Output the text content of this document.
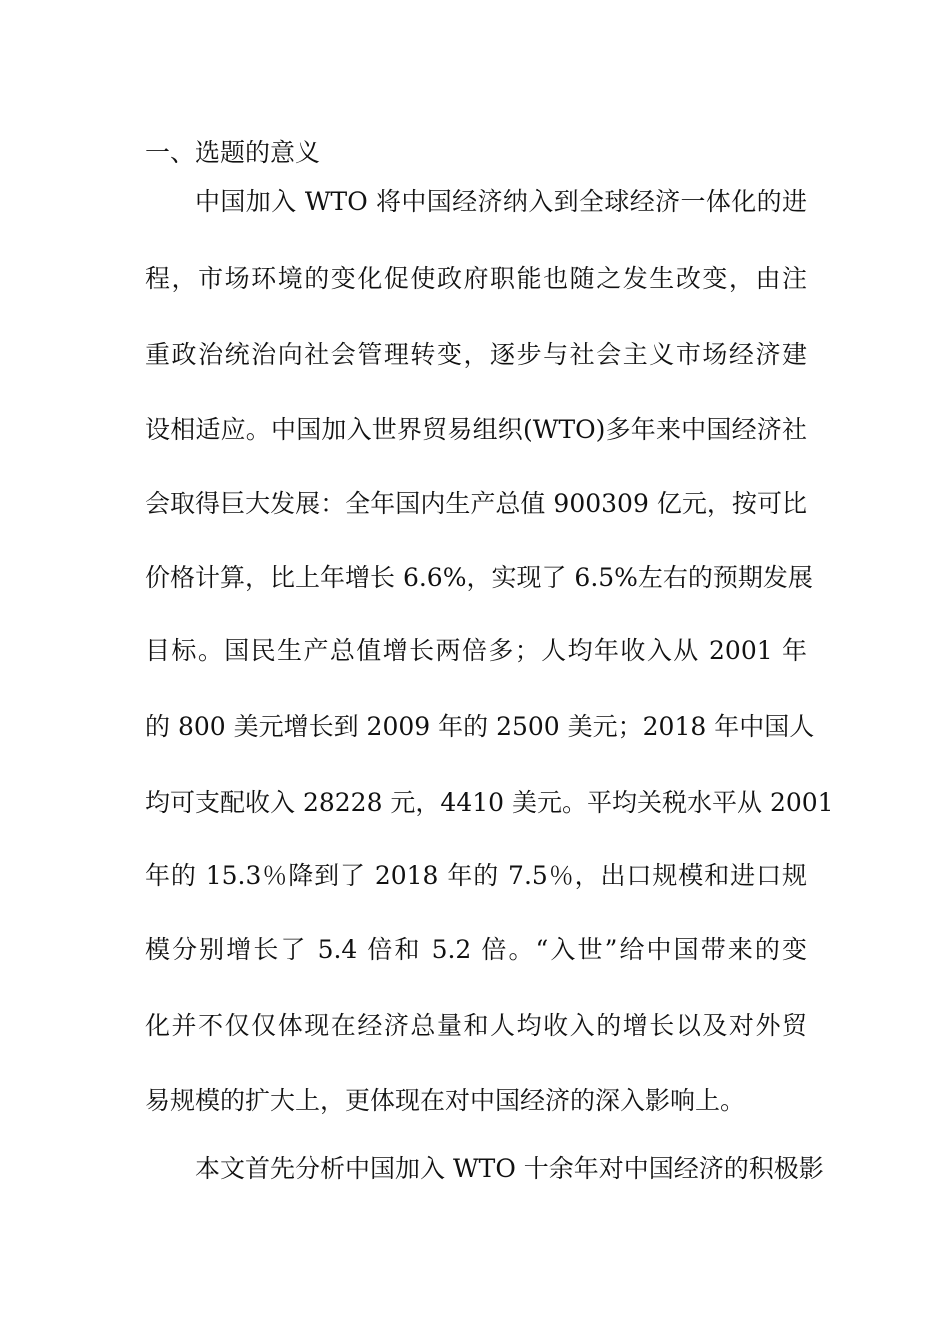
一、选题的意义
中国加入 WTO 将中国经济纳入到全球经济一体化的进
程，市场环境的变化促使政府职能也随之发生改变，由注
重政治统治向社会管理转变，逐步与社会主义市场经济建
设相适应。中国加入世界贸易组织(WTO)多年来中国经济社
会取得巨大发展：全年国内生产总值 900309 亿元，按可比
价格计算，比上年增长 6.6%，实现了 6.5%左右的预期发展
目标。国民生产总值增长两倍多；人均年收入从 2001 年
的 800 美元增长到 2009 年的 2500 美元；2018 年中国人
均可支配收入 28228 元，4410 美元。平均关税水平从 2001
年的 15.3％降到了 2018 年的 7.5％，出口规模和进口规
模分别增长了 5.4 倍和 5.2 倍。“入世”给中国带来的变
化并不仅仅体现在经济总量和人均收入的增长以及对外贸
易规模的扩大上，更体现在对中国经济的深入影响上。
本文首先分析中国加入 WTO 十余年对中国经济的积极影
